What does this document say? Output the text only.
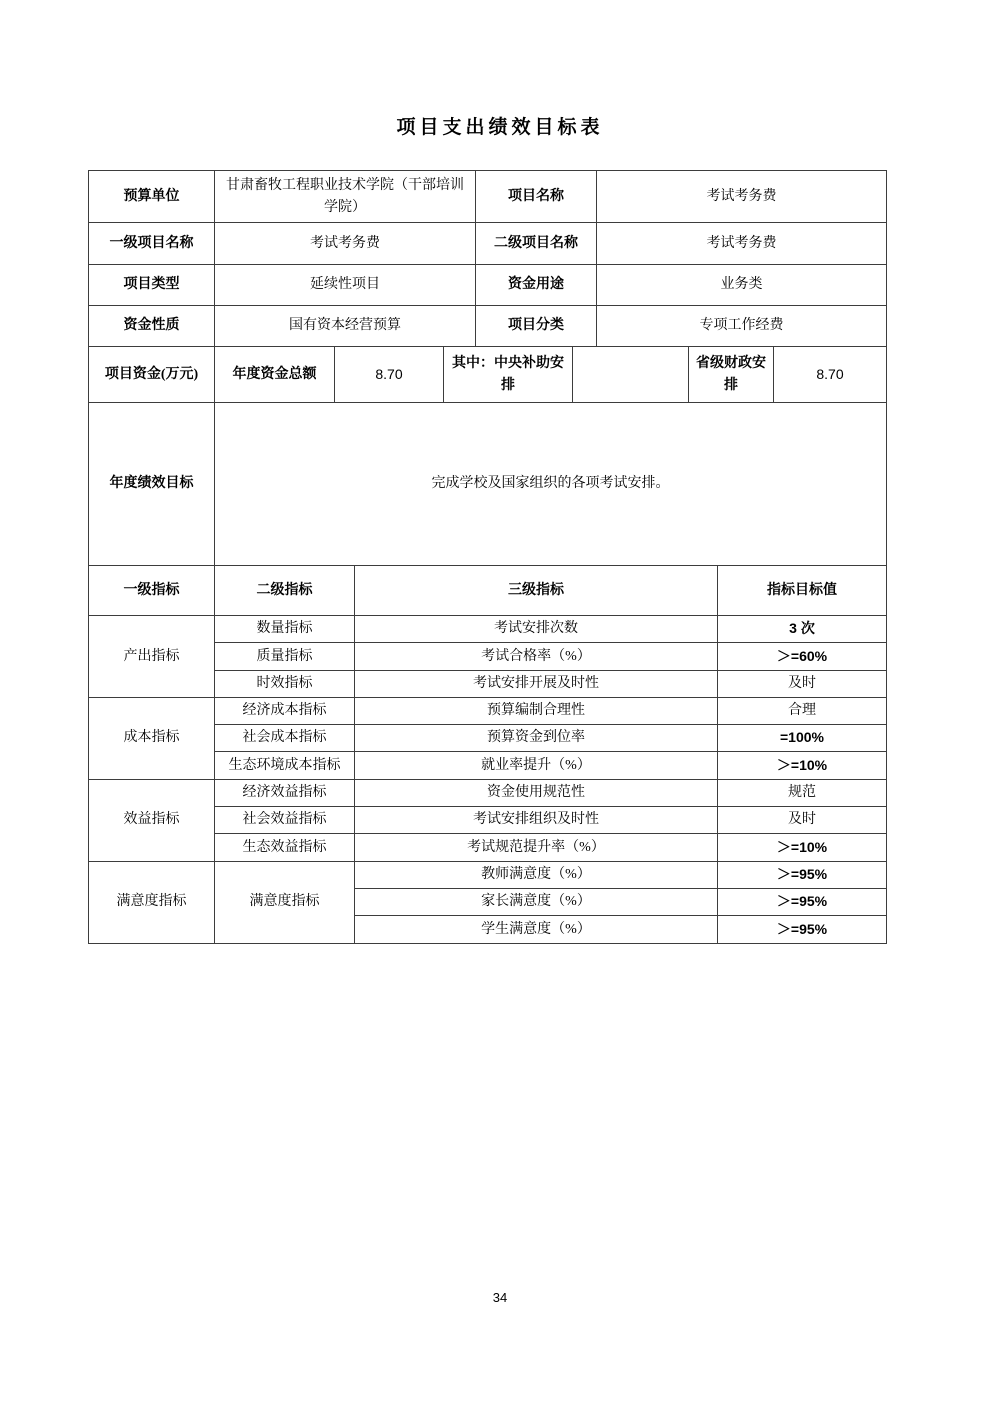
项目支出绩效目标表
预算单位	甘肃畜牧工程职业技术学院（干部培训学院）				项目名称		考试考务费			
一级项目名称	考试考务费				二级项目名称		考试考务费			
项目类型	延续性项目				资金用途		业务类			
资金性质	国有资本经营预算				项目分类		专项工作经费			
项目资金(万元)	年度资金总额	8.70		其中：中央补助安排				省级财政安排		8.70
年度绩效目标	完成学校及国家组织的各项考试安排。									
一级指标	二级指标		三级指标						指标目标值	
产出指标	数量指标		考试安排次数						3 次	
	质量指标		考试合格率（%）						＞=60%	
	时效指标		考试安排开展及时性						及时	
成本指标	经济成本指标		预算编制合理性						合理	
	社会成本指标		预算资金到位率						=100%	
	生态环境成本指标		就业率提升（%）						＞=10%	
效益指标	经济效益指标		资金使用规范性						规范	
	社会效益指标		考试安排组织及时性						及时	
	生态效益指标		考试规范提升率（%）						＞=10%	
满意度指标	满意度指标		教师满意度（%）						＞=95%	
			家长满意度（%）						＞=95%	
			学生满意度（%）						＞=95%	
34
